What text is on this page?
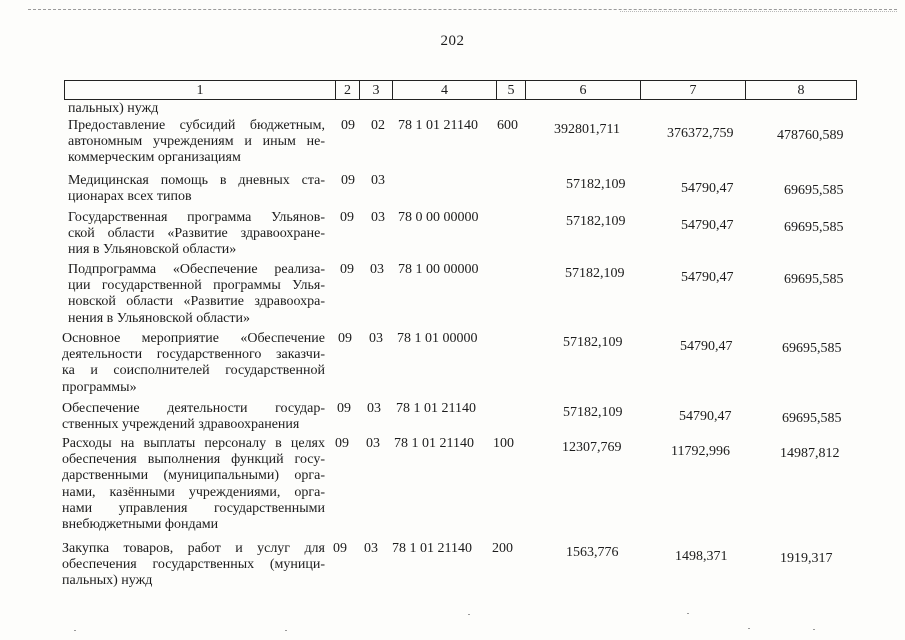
202
1	2	3	4	5	6	7	8
пальных) нужд
Предоставление субсидий бюджетным,
автономным учреждениям и иным не-
коммерческим организациям
09 02 78 1 01 21140 600	392801,711	376372,759	478760,589
Медицинская помощь в дневных ста-
ционарах всех типов
09 03	57182,109	54790,47	69695,585
Государственная программа Ульянов-
ской области «Развитие здравоохране-
ния в Ульяновской области»
09 03 78 0 00 00000	57182,109	54790,47	69695,585
Подпрограмма «Обеспечение реализа-
ции государственной программы Улья-
новской области «Развитие здравоохра-
нения в Ульяновской области»
09 03 78 1 00 00000	57182,109	54790,47	69695,585
Основное мероприятие «Обеспечение
деятельности государственного заказчи-
ка и соисполнителей государственной
программы»
09 03 78 1 01 00000	57182,109	54790,47	69695,585
Обеспечение деятельности государ-
ственных учреждений здравоохранения
09 03 78 1 01 21140	57182,109	54790,47	69695,585
Расходы на выплаты персоналу в целях
обеспечения выполнения функций госу-
дарственными (муниципальными) орга-
нами, казёнными учреждениями, орга-
нами управления государственными
внебюджетными фондами
09 03 78 1 01 21140 100	12307,769	11792,996	14987,812
Закупка товаров, работ и услуг для
обеспечения государственных (муници-
пальных) нужд
09 03 78 1 01 21140 200	1563,776	1498,371	1919,317
